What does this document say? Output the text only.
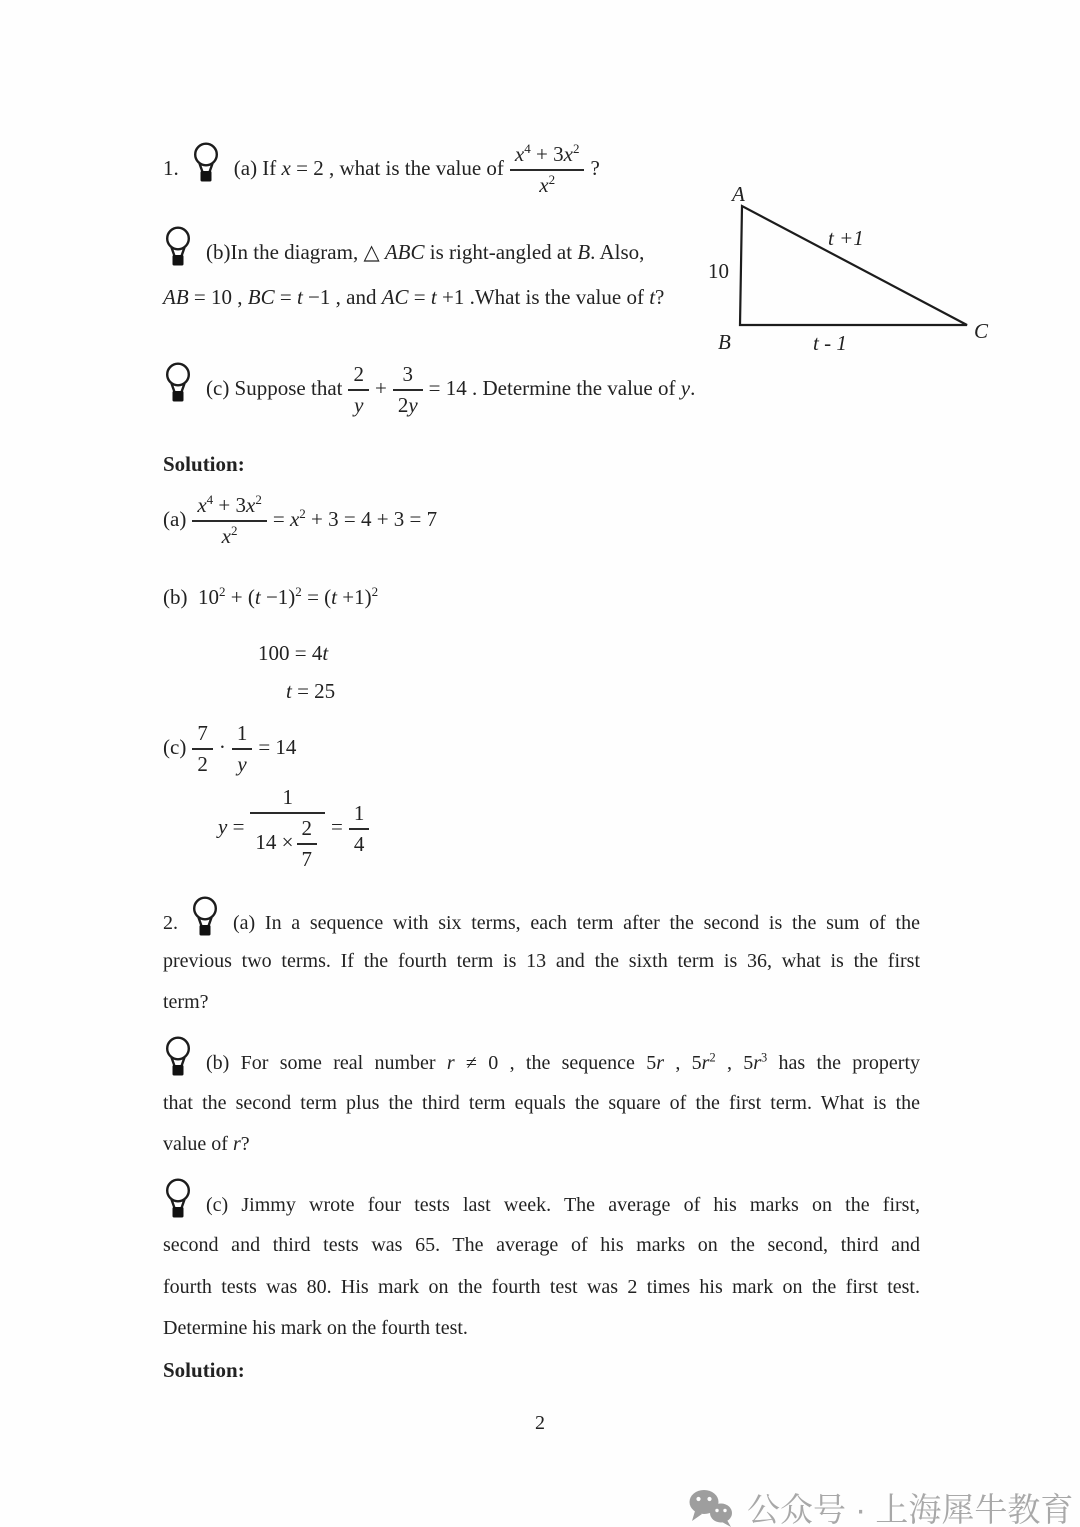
1.	(a) If x = 2 , what is the value of $\frac{x^4 + 3x^2}{x^2}$ ?
(b)In the diagram, △ ABC is right-angled at B. Also,
AB = 10 , BC = t −1 , and AC = t +1 .What is the value of t?
A
B	C
10
t +1
t - 1
(c) Suppose that $\frac{2}{y} + \frac{3}{2y} = 14$ . Determine the value of y.
Solution:
$(a) \frac{x^4 + 3x^2}{x^2} = x^2 + 3 = 4 + 3 = 7$
(b) $10^2 + (t -1)^2 = (t +1)^2$
100 = 4t
t = 25
$(c) \frac{7}{2} \cdot \frac{1}{y} = 14$
$y = \frac{1}{14 \times \frac{2}{7}} = \frac{1}{4}$
2.	(a) In a sequence with six terms, each term after the second is the sum of the
previous two terms. If the fourth term is 13 and the sixth term is 36, what is the first
term?
(b) For some real number r ≠ 0 , the sequence 5r , $5r^2$ , $5r^3$ has the property
that the second term plus the third term equals the square of the first term. What is the
value of r?
(c) Jimmy wrote four tests last week. The average of his marks on the first,
second and third tests was 65. The average of his marks on the second, third and
fourth tests was 80. His mark on the fourth test was 2 times his mark on the first test.
Determine his mark on the fourth test.
Solution:
2
公众号 · 上海犀牛教育
